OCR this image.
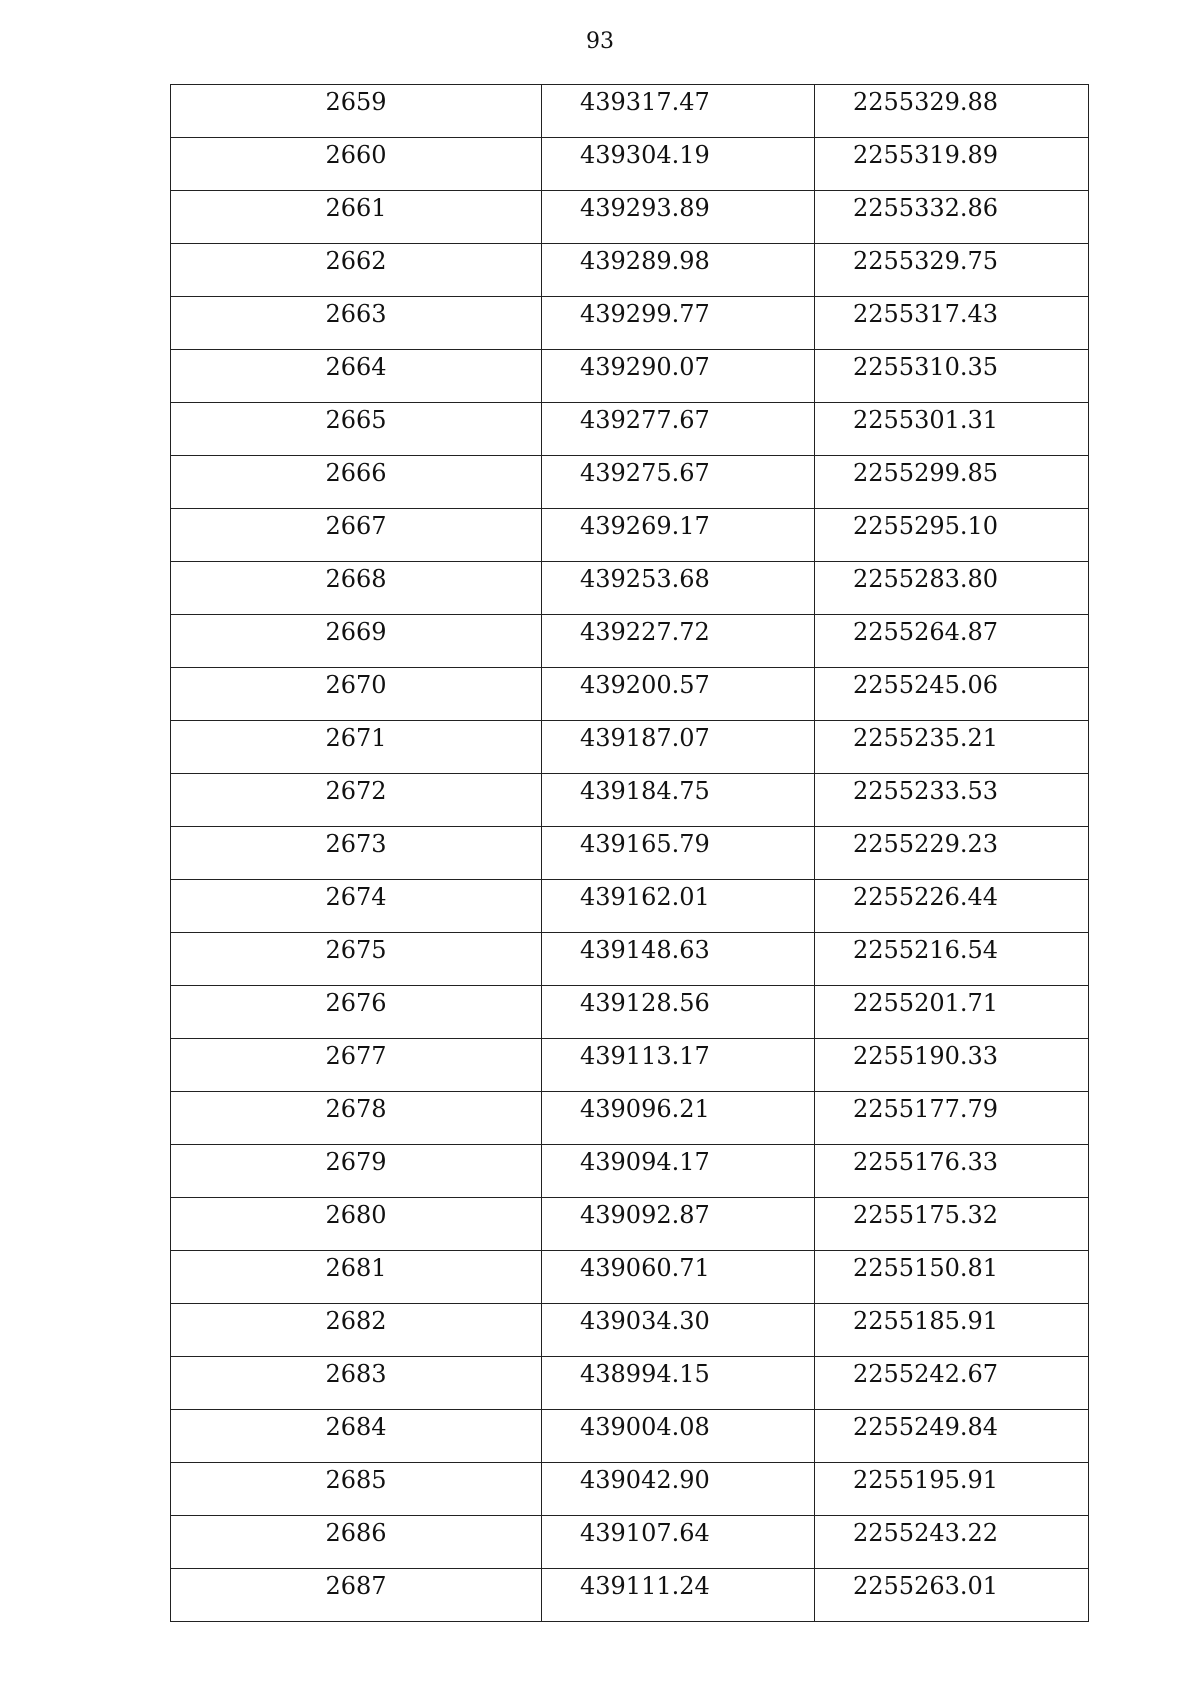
93
2659	439317.47	2255329.88

2660	439304.19	2255319.89

2661	439293.89	2255332.86

2662	439289.98	2255329.75

2663	439299.77	2255317.43

2664	439290.07	2255310.35

2665	439277.67	2255301.31

2666	439275.67	2255299.85

2667	439269.17	2255295.10

2668	439253.68	2255283.80

2669	439227.72	2255264.87

2670	439200.57	2255245.06

2671	439187.07	2255235.21

2672	439184.75	2255233.53

2673	439165.79	2255229.23

2674	439162.01	2255226.44

2675	439148.63	2255216.54

2676	439128.56	2255201.71

2677	439113.17	2255190.33

2678	439096.21	2255177.79

2679	439094.17	2255176.33

2680	439092.87	2255175.32

2681	439060.71	2255150.81

2682	439034.30	2255185.91

2683	438994.15	2255242.67

2684	439004.08	2255249.84

2685	439042.90	2255195.91

2686	439107.64	2255243.22

2687	439111.24	2255263.01
